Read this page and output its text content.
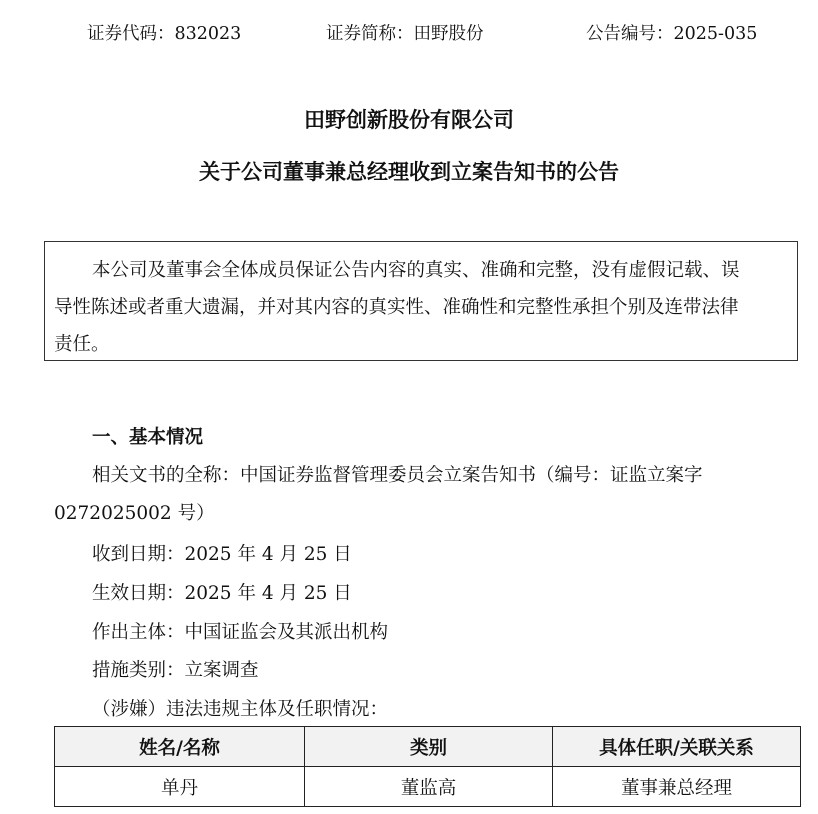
证券代码：832023	证券简称：田野股份	公告编号：2025-035
田野创新股份有限公司
关于公司董事兼总经理收到立案告知书的公告
本公司及董事会全体成员保证公告内容的真实、准确和完整，没有虚假记载、误
导性陈述或者重大遗漏，并对其内容的真实性、准确性和完整性承担个别及连带法律
责任。
一、基本情况
相关文书的全称：中国证券监督管理委员会立案告知书（编号：证监立案字
0272025002 号）
收到日期：2025 年 4 月 25 日
生效日期：2025 年 4 月 25 日
作出主体：中国证监会及其派出机构
措施类别：立案调查
（涉嫌）违法违规主体及任职情况：
姓名/名称	类别	具体任职/关联关系
单丹	董监高	董事兼总经理
